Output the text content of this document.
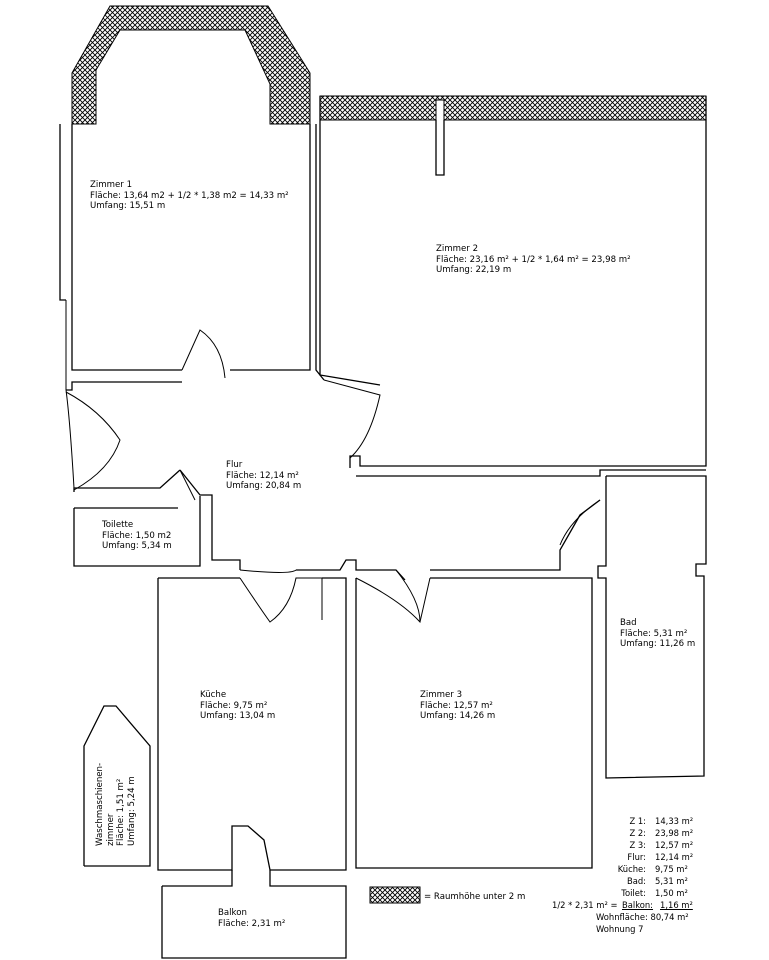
Zimmer 1
Fläche: 13,64 m2 + 1/2 * 1,38 m2 = 14,33 m²
Umfang: 15,51 m
Zimmer 2
Fläche: 23,16 m² + 1/2 * 1,64 m² = 23,98 m²
Umfang: 22,19 m
Flur
Fläche: 12,14 m²
Umfang: 20,84 m
Toilette
Fläche: 1,50 m2
Umfang: 5,34 m
Bad
Fläche: 5,31 m²
Umfang: 11,26 m
Küche
Fläche: 9,75 m²
Umfang: 13,04 m
Zimmer 3
Fläche: 12,57 m²
Umfang: 14,26 m
Waschmaschienen- zimmer Fläche: 1,51 m² Umfang: 5,24 m
Balkon
Fläche: 2,31 m²
= Raumhöhe unter 2 m
Z 1: 14,33 m²
Z 2: 23,98 m²
Z 3: 12,57 m²
Flur: 12,14 m²
Küche: 9,75 m²
Bad: 5,31 m²
Toilet: 1,50 m²
1/2 * 2,31 m² = Balkon: 1,16 m²
Wohnfläche: 80,74 m²
Wohnung 7
